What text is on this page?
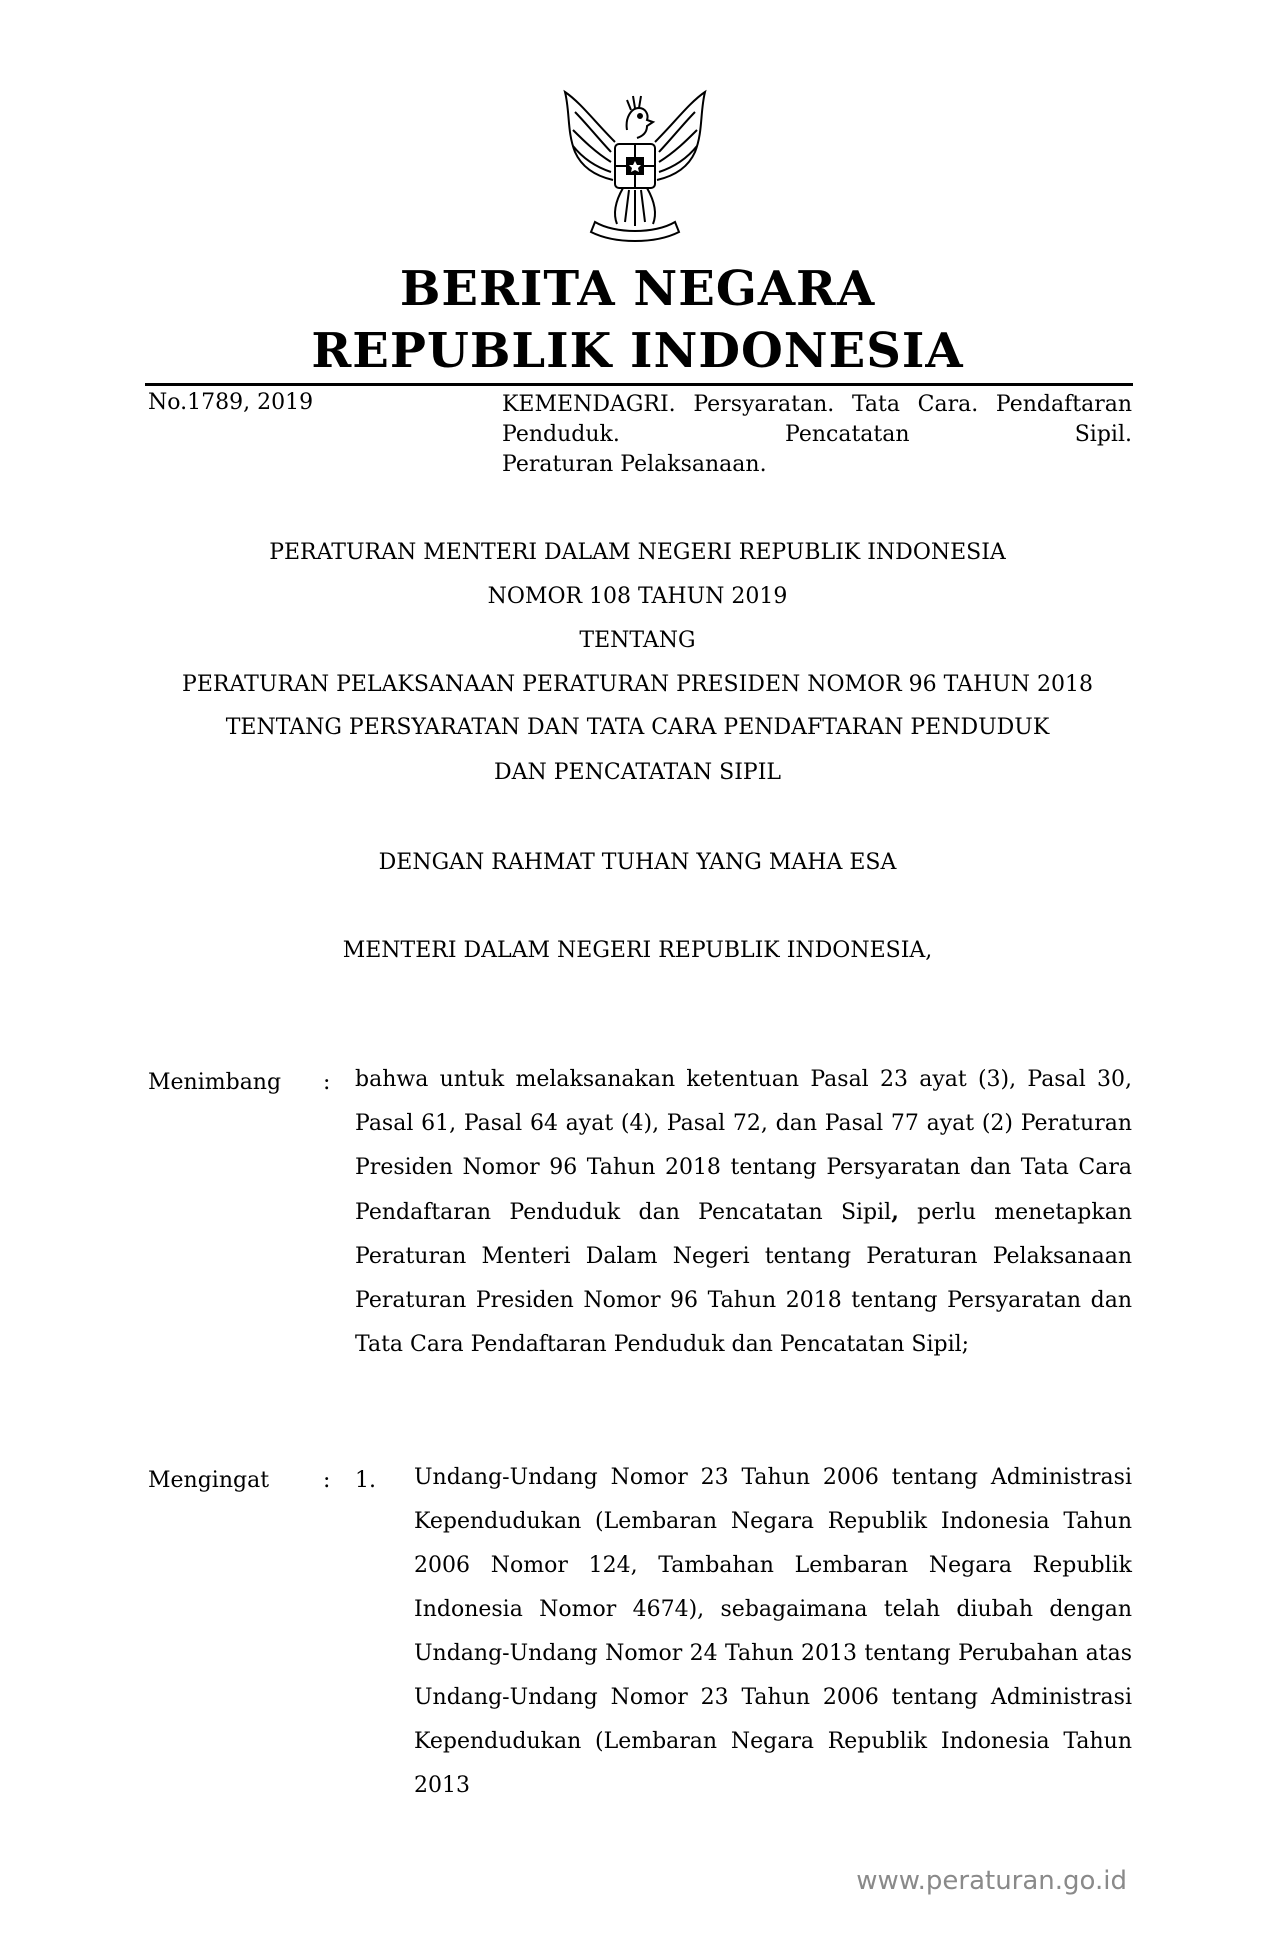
BERITA NEGARA
REPUBLIK INDONESIA
No.1789, 2019	KEMENDAGRI. Persyaratan. Tata Cara. Pendaftaran Penduduk. Pencatatan Sipil.
Peraturan Pelaksanaan.
PERATURAN MENTERI DALAM NEGERI REPUBLIK INDONESIA
NOMOR 108 TAHUN 2019
TENTANG
PERATURAN PELAKSANAAN PERATURAN PRESIDEN NOMOR 96 TAHUN 2018
TENTANG PERSYARATAN DAN TATA CARA PENDAFTARAN PENDUDUK
DAN PENCATATAN SIPIL
DENGAN RAHMAT TUHAN YANG MAHA ESA
MENTERI DALAM NEGERI REPUBLIK INDONESIA,
Menimbang : bahwa untuk melaksanakan ketentuan Pasal 23 ayat (3), Pasal 30, Pasal 61, Pasal 64 ayat (4), Pasal 72, dan Pasal 77 ayat (2) Peraturan Presiden Nomor 96 Tahun 2018 tentang Persyaratan dan Tata Cara Pendaftaran Penduduk dan Pencatatan Sipil, perlu menetapkan Peraturan Menteri Dalam Negeri tentang Peraturan Pelaksanaan Peraturan Presiden Nomor 96 Tahun 2018 tentang Persyaratan dan Tata Cara Pendaftaran Penduduk dan Pencatatan Sipil;
Mengingat : 1. Undang-Undang Nomor 23 Tahun 2006 tentang Administrasi Kependudukan (Lembaran Negara Republik Indonesia Tahun 2006 Nomor 124, Tambahan Lembaran Negara Republik Indonesia Nomor 4674), sebagaimana telah diubah dengan Undang-Undang Nomor 24 Tahun 2013 tentang Perubahan atas Undang-Undang Nomor 23 Tahun 2006 tentang Administrasi Kependudukan (Lembaran Negara Republik Indonesia Tahun 2013
www.peraturan.go.id
